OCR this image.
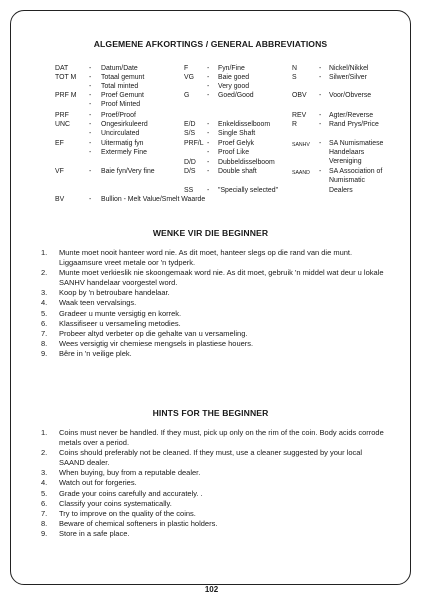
ALGEMENE AFKORTINGS / GENERAL ABBREVIATIONS
DAT	- Datum/Date
TOT M - Totaal gemunt
- Total minted
PRF M - Proef Gemunt
- Proof Minted
PRF	- Proef/Proof
UNC	- Ongesirkuleerd
- Uncirculated
EF	- Uitermatig fyn
- Extermely Fine
VF	- Baie fyn/Very fine
BV	- Bullion - Melt Value/Smelt Waarde
F	- Fyn/Fine
VG - Baie goed
- Very good
G	- Goed/Good
E/D - Enkeldisselboom
S/S - Single Shaft
PRF/L - Proef Gelyk
- Proof Like
D/D - Dubbeldisselboom
D/S - Double shaft
SS - "Specially selected"
N	- Nickel/Nikkel
S	- Silwer/Silver
OBV - Voor/Obverse
REV - Agter/Reverse
R	- Rand Prys/Price
SANHV - SA Numismatiese
Handelaars
Vereniging
SAAND - SA Association of
Numismatic
Dealers
WENKE VIR DIE BEGINNER
1. Munte moet nooit hanteer word nie. As dit moet, hanteer slegs op die rand van die munt. Liggaamsure vreet metale oor 'n tydperk.
2. Munte moet verkieslik nie skoongemaak word nie. As dit moet, gebruik 'n middel wat deur u lokale SANHV handelaar voorgestel word.
3. Koop by 'n betroubare handelaar.
4. Waak teen vervalsings.
5. Gradeer u munte versigtig en korrek.
6. Klassifiseer u versameling metodies.
7. Probeer altyd verbeter op die gehalte van u versameling.
8. Wees versigtig vir chemiese mengsels in plastiese houers.
9. Bêre in 'n veilige plek.
HINTS FOR THE BEGINNER
1. Coins must never be handled. If they must, pick up only on the rim of the coin. Body acids corrode metals over a period.
2. Coins should preferably not be cleaned. If they must, use a cleaner suggested by your local SAAND dealer.
3. When buying, buy from a reputable dealer.
4. Watch out for forgeries.
5. Grade your coins carefully and accurately. .
6. Classify your coins systematically.
7. Try to improve on the quality of the coins.
8. Beware of chemical softeners in plastic holders.
9. Store in a safe place.
102
